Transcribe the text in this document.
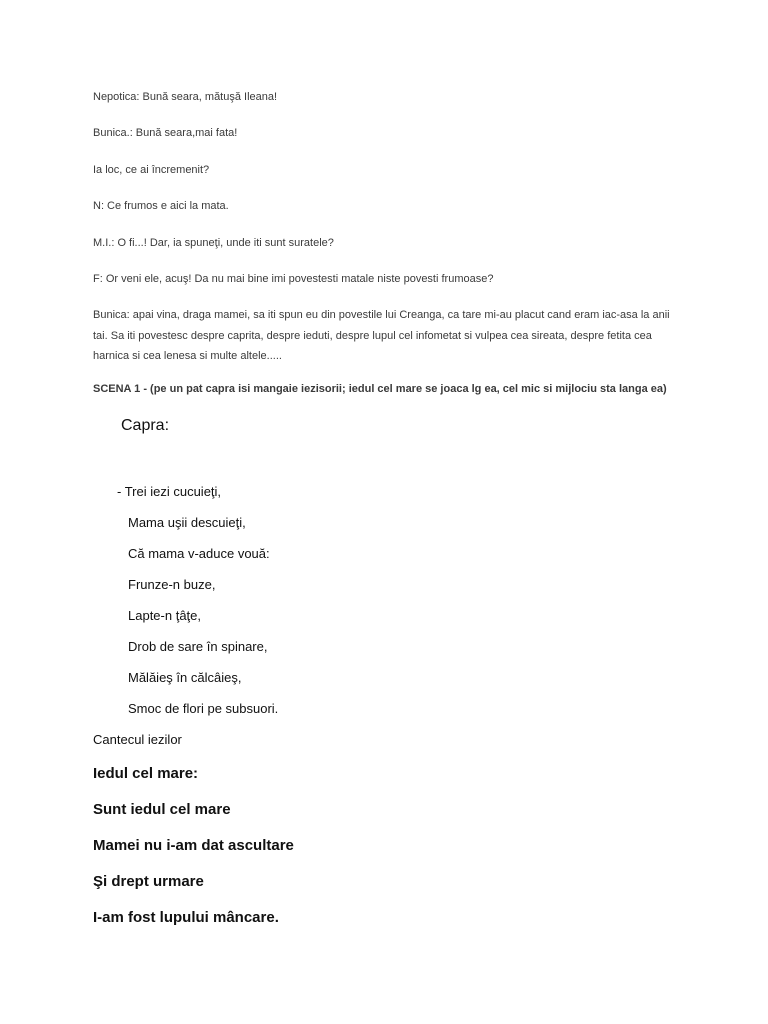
Nepotica: Bună seara, mătuşă Ileana!

Bunica.: Bună seara,mai fata!

Ia loc, ce ai încremenit?

N: Ce frumos e aici la mata.

M.I.: O fi...! Dar, ia spuneţi, unde iti sunt suratele?

F: Or veni ele, acuş! Da nu mai bine imi povestesti matale niste povesti frumoase?

Bunica: apai vina, draga mamei, sa iti spun eu din povestile lui Creanga, ca tare mi-au placut cand eram iac-asa la anii tai. Sa iti povestesc despre caprita, despre ieduti, despre lupul cel infometat si vulpea cea sireata, despre fetita cea harnica si cea lenesa si multe altele.....

SCENA 1 - (pe un pat capra isi mangaie iezisorii; iedul cel mare se joaca lg ea, cel mic si mijlociu sta langa ea)

Capra:

- Trei iezi cucuieţi,

Mama uşii descuieţi,

Că mama v-aduce vouă:

Frunze-n buze,

Lapte-n ţâţe,

Drob de sare în spinare,

Mălăieş în călcâieş,

Smoc de flori pe subsuori.

Cantecul iezilor

Iedul cel mare:

Sunt iedul cel mare

Mamei nu i-am dat ascultare

Şi drept urmare

I-am fost lupului mâncare.
